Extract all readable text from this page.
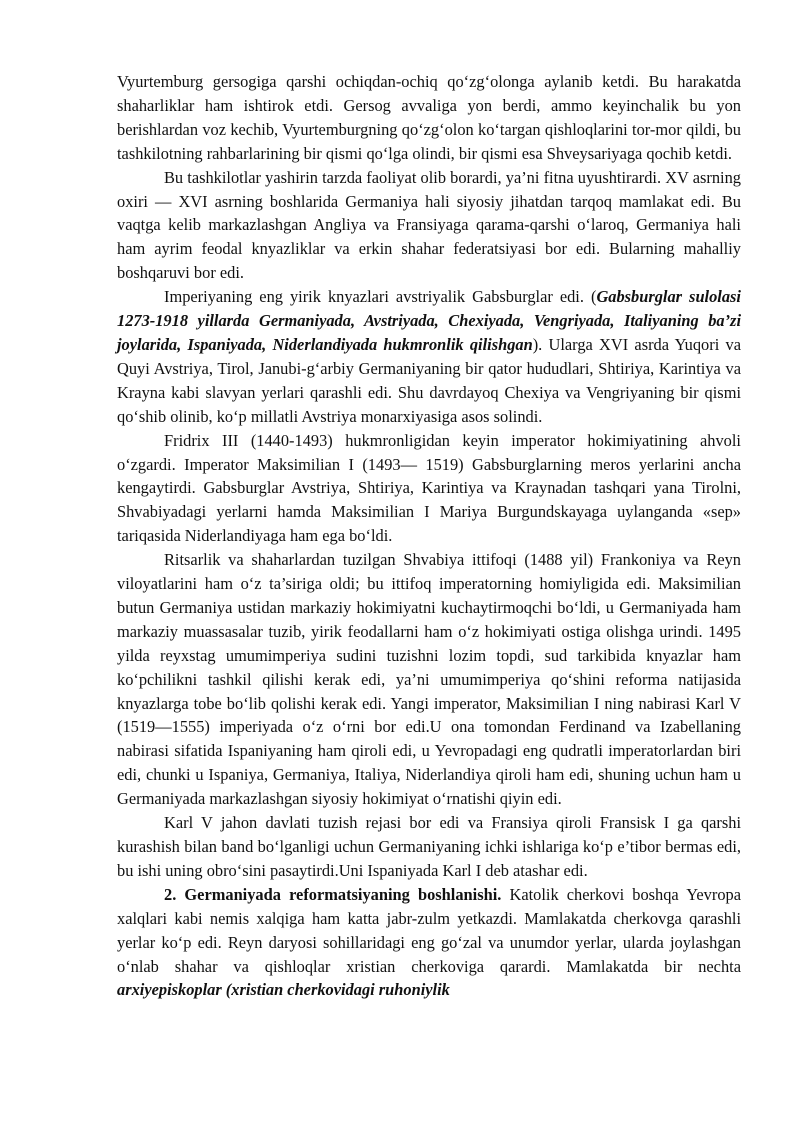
Vyurtemburg gersogiga qarshi ochiqdan-ochiq qo‘zg‘olonga aylanib ketdi. Bu harakatda shaharliklar ham ishtirok etdi. Gersog avvaliga yon berdi, ammo keyinchalik bu yon berishlardan voz kechib, Vyurtemburgning qo‘zg‘olon ko‘targan qishloqlarini tor-mor qildi, bu tashkilotning rahbarlarining bir qismi qo‘lga olindi, bir qismi esa Shveysariyaga qochib ketdi.

Bu tashkilotlar yashirin tarzda faoliyat olib borardi, ya’ni fitna uyushtirardi. XV asrning oxiri — XVI asrning boshlarida Germaniya hali siyosiy jihatdan tarqoq mamlakat edi. Bu vaqtga kelib markazlashgan Angliya va Fransiyaga qarama-qarshi o‘laroq, Germaniya hali ham ayrim feodal knyazliklar va erkin shahar federatsiyasi bor edi. Bularning mahalliy boshqaruvi bor edi.

Imperiyaning eng yirik knyazlari avstriyalik Gabsburglar edi. (Gabsburglar sulolasi 1273-1918 yillarda Germaniyada, Avstriyada, Chexiyada, Vengriyada, Italiyaning ba’zi joylarida, Ispaniyada, Niderlandiyada hukmronlik qilishgan). Ularga XVI asrda Yuqori va Quyi Avstriya, Tirol, Janubi-g‘arbiy Germaniyaning bir qator hududlari, Shtiriya, Karintiya va Krayna kabi slavyan yerlari qarashli edi. Shu davrdayoq Chexiya va Vengriyaning bir qismi qo‘shib olinib, ko‘p millatli Avstriya monarxiyasiga asos solindi.

Fridrix III (1440-1493) hukmronligidan keyin imperator hokimiyatining ahvoli o‘zgardi. Imperator Maksimilian I (1493— 1519) Gabsburglarning meros yerlarini ancha kengaytirdi. Gabsburglar Avstriya, Shtiriya, Karintiya va Kraynadan tashqari yana Tirolni, Shvabiyadagi yerlarni hamda Maksimilian I Mariya Burgundskayaga uylanganda «sep» tariqasida Niderlandiyaga ham ega bo‘ldi.

Ritsarlik va shaharlardan tuzilgan Shvabiya ittifoqi (1488 yil) Frankoniya va Reyn viloyatlarini ham o‘z ta’siriga oldi; bu ittifoq imperatorning homiyligida edi. Maksimilian butun Germaniya ustidan markaziy hokimiyatni kuchaytirmoqchi bo‘ldi, u Germaniyada ham markaziy muassasalar tuzib, yirik feodallarni ham o‘z hokimiyati ostiga olishga urindi. 1495 yilda reyxstag umumimperiya sudini tuzishni lozim topdi, sud tarkibida knyazlar ham ko‘pchilikni tashkil qilishi kerak edi, ya’ni umumimperiya qo‘shini reforma natijasida knyazlarga tobe bo‘lib qolishi kerak edi. Yangi imperator, Maksimilian I ning nabirasi Karl V (1519—1555) imperiyada o‘z o‘rni bor edi.U ona tomondan Ferdinand va Izabellaning nabirasi sifatida Ispaniyaning ham qiroli edi, u Yevropadagi eng qudratli imperatorlardan biri edi, chunki u Ispaniya, Germaniya, Italiya, Niderlandiya qiroli ham edi, shuning uchun ham u Germaniyada markazlashgan siyosiy hokimiyat o‘rnatishi qiyin edi.

Karl V jahon davlati tuzish rejasi bor edi va Fransiya qiroli Fransisk I ga qarshi kurashish bilan band bo‘lganligi uchun Germaniyaning ichki ishlariga ko‘p e’tibor bermas edi, bu ishi uning obro‘sini pasaytirdi.Uni Ispaniyada Karl I deb atashar edi.

2. Germaniyada reformatsiyaning boshlanishi. Katolik cherkovi boshqa Yevropa xalqlari kabi nemis xalqiga ham katta jabr-zulm yetkazdi. Mamlakatda cherkovga qarashli yerlar ko‘p edi. Reyn daryosi sohillaridagi eng go‘zal va unumdor yerlar, ularda joylashgan o‘nlab shahar va qishloqlar xristian cherkoviga qarardi. Mamlakatda bir nechta arxiyepiskoplar (xristian cherkovidagi ruhoniylik
